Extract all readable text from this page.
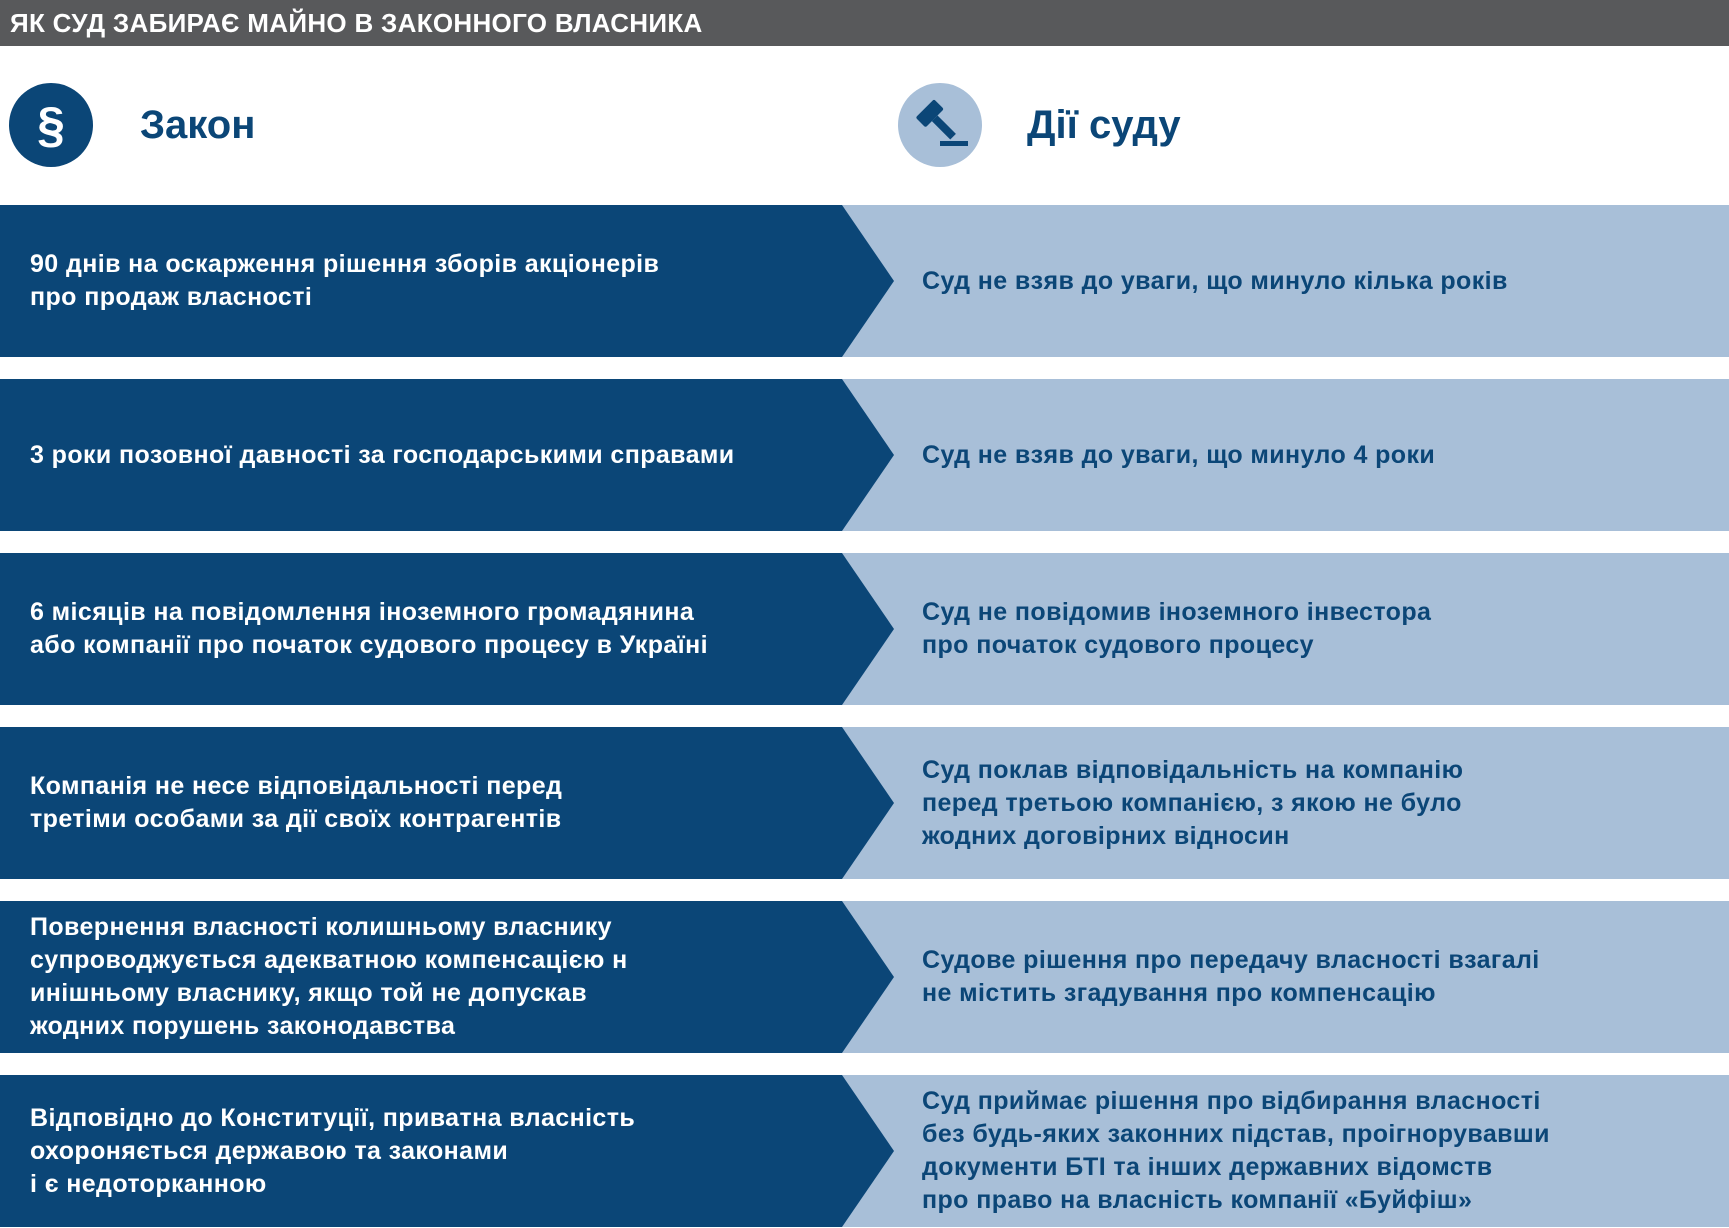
ЯК СУД ЗАБИРАЄ МАЙНО В ЗАКОННОГО ВЛАСНИКА
§ Закон	Дії суду
90 днів на оскарження рішення зборів акціонерів
про продаж власності
Суд не взяв до уваги, що минуло кілька років
3 роки позовної давності за господарськими справами	Суд не взяв до уваги, що минуло 4 роки
6 місяців на повідомлення іноземного громадянина
або компанії про початок судового процесу в Україні
Суд не повідомив іноземного інвестора
про початок судового процесу
Компанія не несе відповідальності перед
третіми особами за дії своїх контрагентів
Суд поклав відповідальність на компанію
перед третьою компанією, з якою не було
жодних договірних відносин
Повернення власності колишньому власнику
супроводжується адекватною компенсацією н
инішньому власнику, якщо той не допускав
жодних порушень законодавства
Судове рішення про передачу власності взагалі
не містить згадування про компенсацію
Відповідно до Конституції, приватна власність
охороняється державою та законами
і є недоторканною
Суд приймає рішення про відбирання власності
без будь-яких законних підстав, проігнорувавши
документи БТІ та інших державних відомств
про право на власність компанії «Буйфіш»
